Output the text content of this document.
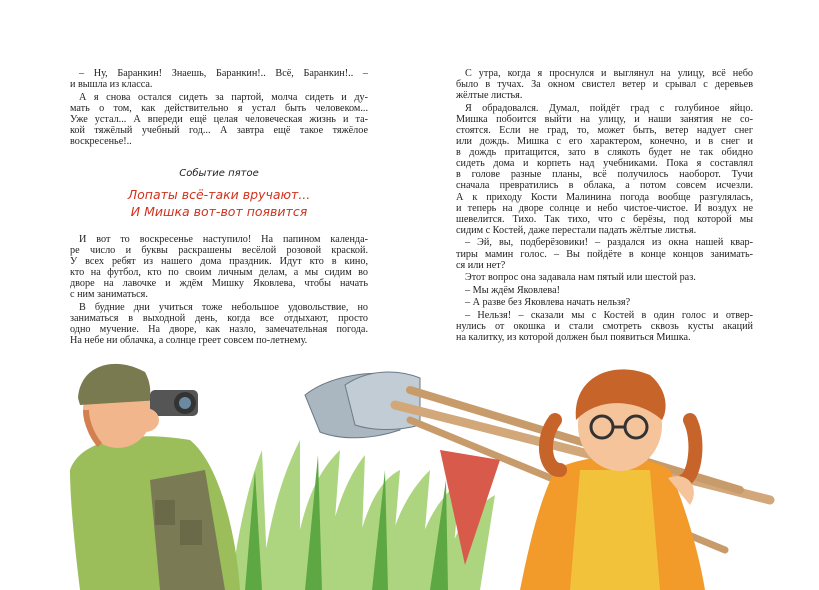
– Ну, Баранкин! Знаешь, Баранкин!.. Всё, Баранкин!.. –
и вышла из класса.
А я снова остался сидеть за партой, молча сидеть и ду-
мать о том, как действительно я устал быть человеком...
Уже устал... А впереди ещё целая человеческая жизнь и та-
кой тяжёлый учебный год... А завтра ещё такое тяжёлое
воскресенье!..
Событие пятое
Лопаты всё-таки вручают...
И Мишка вот-вот появится
И вот то воскресенье наступило! На папином календа-
ре число и буквы раскрашены весёлой розовой краской.
У всех ребят из нашего дома праздник. Идут кто в кино,
кто на футбол, кто по своим личным делам, а мы сидим во
дворе на лавочке и ждём Мишку Яковлева, чтобы начать
с ним заниматься.
В будние дни учиться тоже небольшое удовольствие, но
заниматься в выходной день, когда все отдыхают, просто
одно мучение. На дворе, как назло, замечательная погода.
На небе ни облачка, а солнце греет совсем по-летнему.
С утра, когда я проснулся и выглянул на улицу, всё небо
было в тучах. За окном свистел ветер и срывал с деревьев
жёлтые листья.
Я обрадовался. Думал, пойдёт град с голубиное яйцо.
Мишка побоится выйти на улицу, и наши занятия не со-
стоятся. Если не град, то, может быть, ветер надует снег
или дождь. Мишка с его характером, конечно, и в снег и
в дождь притащится, зато в слякоть будет не так обидно
сидеть дома и корпеть над учебниками. Пока я составлял
в голове разные планы, всё получилось наоборот. Тучи
сначала превратились в облака, а потом совсем исчезли.
А к приходу Кости Малинина погода вообще разгулялась,
и теперь на дворе солнце и небо чистое-чистое. И воздух не
шевелится. Тихо. Так тихо, что с берёзы, под которой мы
сидим с Костей, даже перестали падать жёлтые листья.
– Эй, вы, подберёзовики! – раздался из окна нашей квар-
тиры мамин голос. – Вы пойдёте в конце концов занимать-
ся или нет?
Этот вопрос она задавала нам пятый или шестой раз.
– Мы ждём Яковлева!
– А разве без Яковлева начать нельзя?
– Нельзя! – сказали мы с Костей в один голос и отвер-
нулись от окошка и стали смотреть сквозь кусты акаций
на калитку, из которой должен был появиться Мишка.
